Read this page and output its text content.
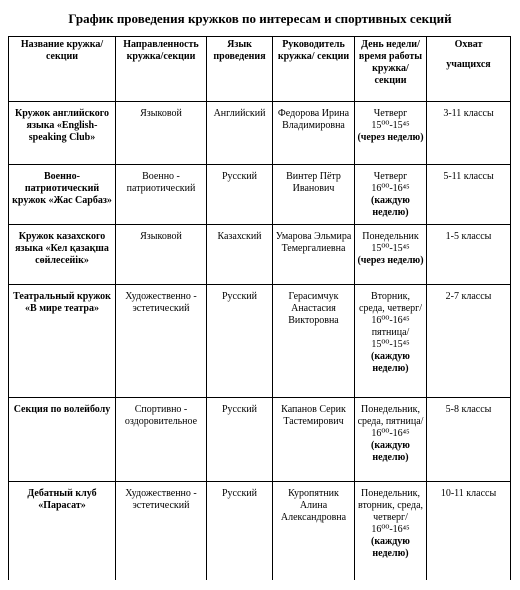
График проведения кружков по интересам и спортивных секций
Название кружка/ секции	Направленность кружка/секции	Язык проведения	Руководитель кружка/ секции	День недели/время работы кружка/ секции	Охват
учащихся

Кружок английского языка «English-speaking Club»	Языковой	Английский	Федорова Ирина Владимировна	Четверг
15⁰⁰-15⁴⁵
(через неделю)	3-11 классы
Военно-патриотический кружок «Жас Сарбаз»	Военно - патриотический	Русский	Винтер Пётр Иванович	Четверг
16⁰⁰-16⁴⁵
(каждую неделю)	5-11 классы
Кружок казахского языка «Кел қазақша сөйлесейік»	Языковой	Казахский	Умарова Эльмира Темергалиевна	Понедельник
15⁰⁰-15⁴⁵
(через неделю)	1-5 классы
Театральный кружок «В мире театра»	Художественно - эстетический	Русский	Герасимчук Анастасия Викторовна	Вторник, среда, четверг/
16⁰⁰-16⁴⁵
пятница/
15⁰⁰-15⁴⁵
(каждую неделю)	2-7 классы
Секция по волейболу	Спортивно - оздоровительное	Русский	Капанов Серик Тастемирович	Понедельник, среда, пятница/
16⁰⁰-16⁴⁵
(каждую неделю)	5-8 классы
Дебатный клуб «Парасат»	Художественно - эстетический	Русский	Куропятник Алина Александровна	Понедельник, вторник, среда, четверг/
16⁰⁰-16⁴⁵
(каждую неделю)	10-11 классы
